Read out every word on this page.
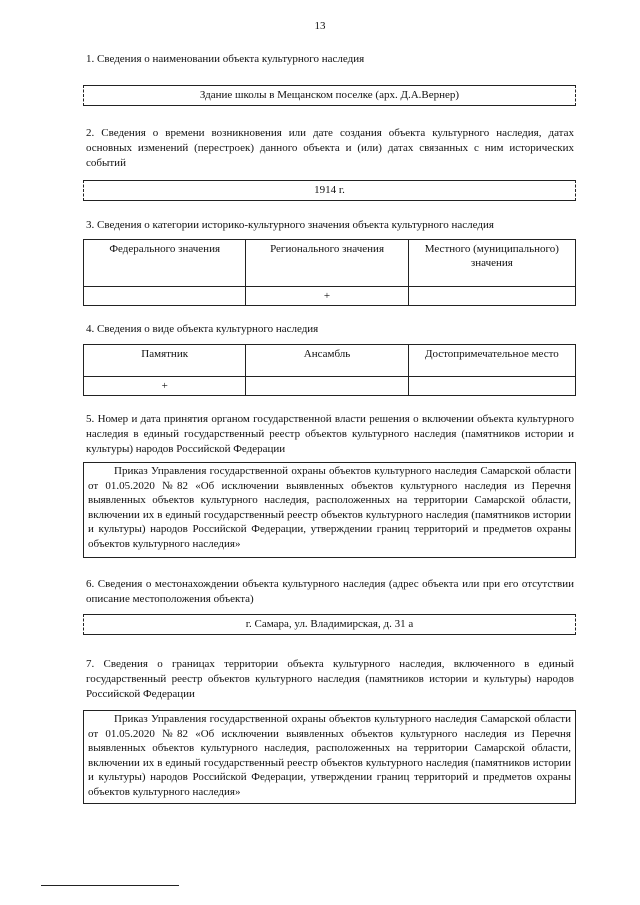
13
1. Сведения о наименовании объекта культурного наследия
Здание школы в Мещанском поселке (арх. Д.А.Вернер)
2. Сведения о времени возникновения или дате создания объекта культурного наследия, датах основных изменений (перестроек) данного объекта и (или) датах связанных с ним исторических событий
1914 г.
3. Сведения о категории историко-культурного значения объекта культурного наследия
Федерального значения	Регионального значения	Местного (муниципального) значения
	+	
4. Сведения о виде объекта культурного наследия
Памятник	Ансамбль	Достопримечательное место
+		
5. Номер и дата принятия органом государственной власти решения о включении объекта культурного наследия в единый государственный реестр объектов культурного наследия (памятников истории и культуры) народов Российской Федерации
Приказ Управления государственной охраны объектов культурного наследия Самарской области от 01.05.2020 №82 «Об исключении выявленных объектов культурного наследия из Перечня выявленных объектов культурного наследия, расположенных на территории Самарской области, включении их в единый государственный реестр объектов культурного наследия (памятников истории и культуры) народов Российской Федерации, утверждении границ территорий и предметов охраны объектов культурного наследия»
6. Сведения о местонахождении объекта культурного наследия (адрес объекта или при его отсутствии описание местоположения объекта)
г. Самара, ул. Владимирская, д. 31 а
7. Сведения о границах территории объекта культурного наследия, включенного в единый государственный реестр объектов культурного наследия (памятников истории и культуры) народов Российской Федерации
Приказ Управления государственной охраны объектов культурного наследия Самарской области от 01.05.2020 №82 «Об исключении выявленных объектов культурного наследия из Перечня выявленных объектов культурного наследия, расположенных на территории Самарской области, включении их в единый государственный реестр объектов культурного наследия (памятников истории и культуры) народов Российской Федерации, утверждении границ территорий и предметов охраны объектов культурного наследия»
